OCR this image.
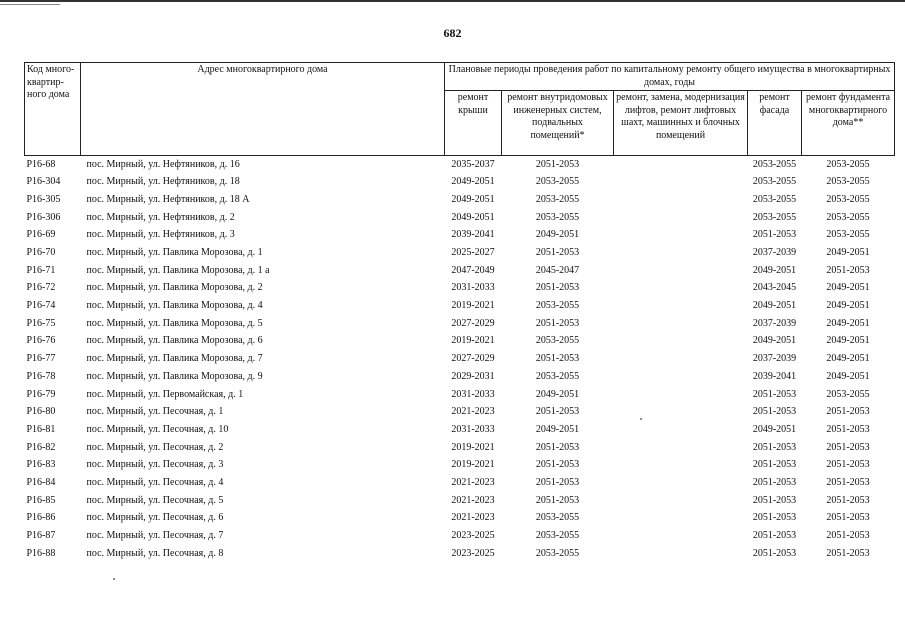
682
Код много-квартир-ного дома	Адрес многоквартирного дома	Плановые периоды проведения работ по капитальному ремонту общего имущества в многоквартирных домах, годы				
		ремонт крыши	ремонт внутридомовых инженерных систем, подвальных помещений*	ремонт, замена, модернизация лифтов, ремонт лифтовых шахт, машинных и блочных помещений	ремонт фасада	ремонт фундамента многоквартирного дома**
Р16-68	пос. Мирный, ул. Нефтяников, д. 16	2035-2037	2051-2053		2053-2055	2053-2055
Р16-304	пос. Мирный, ул. Нефтяников, д. 18	2049-2051	2053-2055		2053-2055	2053-2055
Р16-305	пос. Мирный, ул. Нефтяников, д. 18 А	2049-2051	2053-2055		2053-2055	2053-2055
Р16-306	пос. Мирный, ул. Нефтяников, д. 2	2049-2051	2053-2055		2053-2055	2053-2055
Р16-69	пос. Мирный, ул. Нефтяников, д. 3	2039-2041	2049-2051		2051-2053	2053-2055
Р16-70	пос. Мирный, ул. Павлика Морозова, д. 1	2025-2027	2051-2053		2037-2039	2049-2051
Р16-71	пос. Мирный, ул. Павлика Морозова, д. 1 а	2047-2049	2045-2047		2049-2051	2051-2053
Р16-72	пос. Мирный, ул. Павлика Морозова, д. 2	2031-2033	2051-2053		2043-2045	2049-2051
Р16-74	пос. Мирный, ул. Павлика Морозова, д. 4	2019-2021	2053-2055		2049-2051	2049-2051
Р16-75	пос. Мирный, ул. Павлика Морозова, д. 5	2027-2029	2051-2053		2037-2039	2049-2051
Р16-76	пос. Мирный, ул. Павлика Морозова, д. 6	2019-2021	2053-2055		2049-2051	2049-2051
Р16-77	пос. Мирный, ул. Павлика Морозова, д. 7	2027-2029	2051-2053		2037-2039	2049-2051
Р16-78	пос. Мирный, ул. Павлика Морозова, д. 9	2029-2031	2053-2055		2039-2041	2049-2051
Р16-79	пос. Мирный, ул. Первомайская, д. 1	2031-2033	2049-2051		2051-2053	2053-2055
Р16-80	пос. Мирный, ул. Песочная, д. 1	2021-2023	2051-2053		2051-2053	2051-2053
Р16-81	пос. Мирный, ул. Песочная, д. 10	2031-2033	2049-2051		2049-2051	2051-2053
Р16-82	пос. Мирный, ул. Песочная, д. 2	2019-2021	2051-2053		2051-2053	2051-2053
Р16-83	пос. Мирный, ул. Песочная, д. 3	2019-2021	2051-2053		2051-2053	2051-2053
Р16-84	пос. Мирный, ул. Песочная, д. 4	2021-2023	2051-2053		2051-2053	2051-2053
Р16-85	пос. Мирный, ул. Песочная, д. 5	2021-2023	2051-2053		2051-2053	2051-2053
Р16-86	пос. Мирный, ул. Песочная, д. 6	2021-2023	2053-2055		2051-2053	2051-2053
Р16-87	пос. Мирный, ул. Песочная, д. 7	2023-2025	2053-2055		2051-2053	2051-2053
Р16-88	пос. Мирный, ул. Песочная, д. 8	2023-2025	2053-2055		2051-2053	2051-2053
